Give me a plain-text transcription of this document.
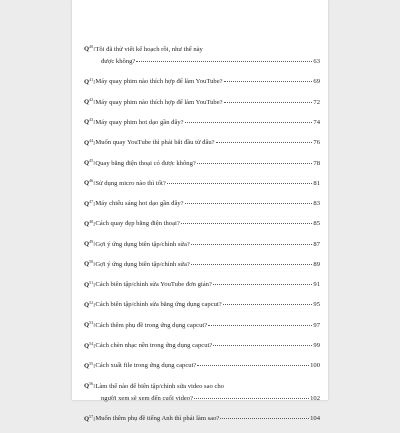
$Q^{40}$: Tôi đã thử viết kế hoạch rồi, như thế này
được không?	63
$Q^{41}$: Máy quay phim nào thích hợp để làm YouTube?	69
$Q^{42}$: Máy quay phim nào thích hợp để làm YouTube?	72
$Q^{43}$: Máy quay phim hot dạo gần đây?	74
$Q^{44}$: Muốn quay YouTube thì phải bắt đầu từ đâu?	76
$Q^{45}$: Quay bằng điện thoại có được không?	78
$Q^{46}$: Sử dụng micro nào thì tốt?	81
$Q^{47}$: Máy chiếu sáng hot dạo gần đây?	83
$Q^{48}$: Cách quay đẹp bằng điện thoại?	85
$Q^{49}$: Gợi ý ứng dụng biên tập/chỉnh sửa?	87
$Q^{50}$: Gợi ý ứng dụng biên tập/chỉnh sửa?	89
$Q^{51}$: Cách biên tập/chỉnh sửa YouTube đơn giản?	91
$Q^{52}$: Cách biên tập/chỉnh sửa bằng ứng dụng capcut?	95
$Q^{53}$: Cách thêm phụ đề trong ứng dụng capcut?	97
$Q^{54}$: Cách chèn nhạc nền trong ứng dụng capcut?	99
$Q^{55}$: Cách xuất file trong ứng dụng capcut?	100
$Q^{56}$: Làm thế nào để biên tập/chỉnh sửa video sao cho
người xem sẽ xem đến cuối video?	102
$Q^{57}$: Muốn thêm phụ đề tiếng Anh thì phải làm sao?	104
